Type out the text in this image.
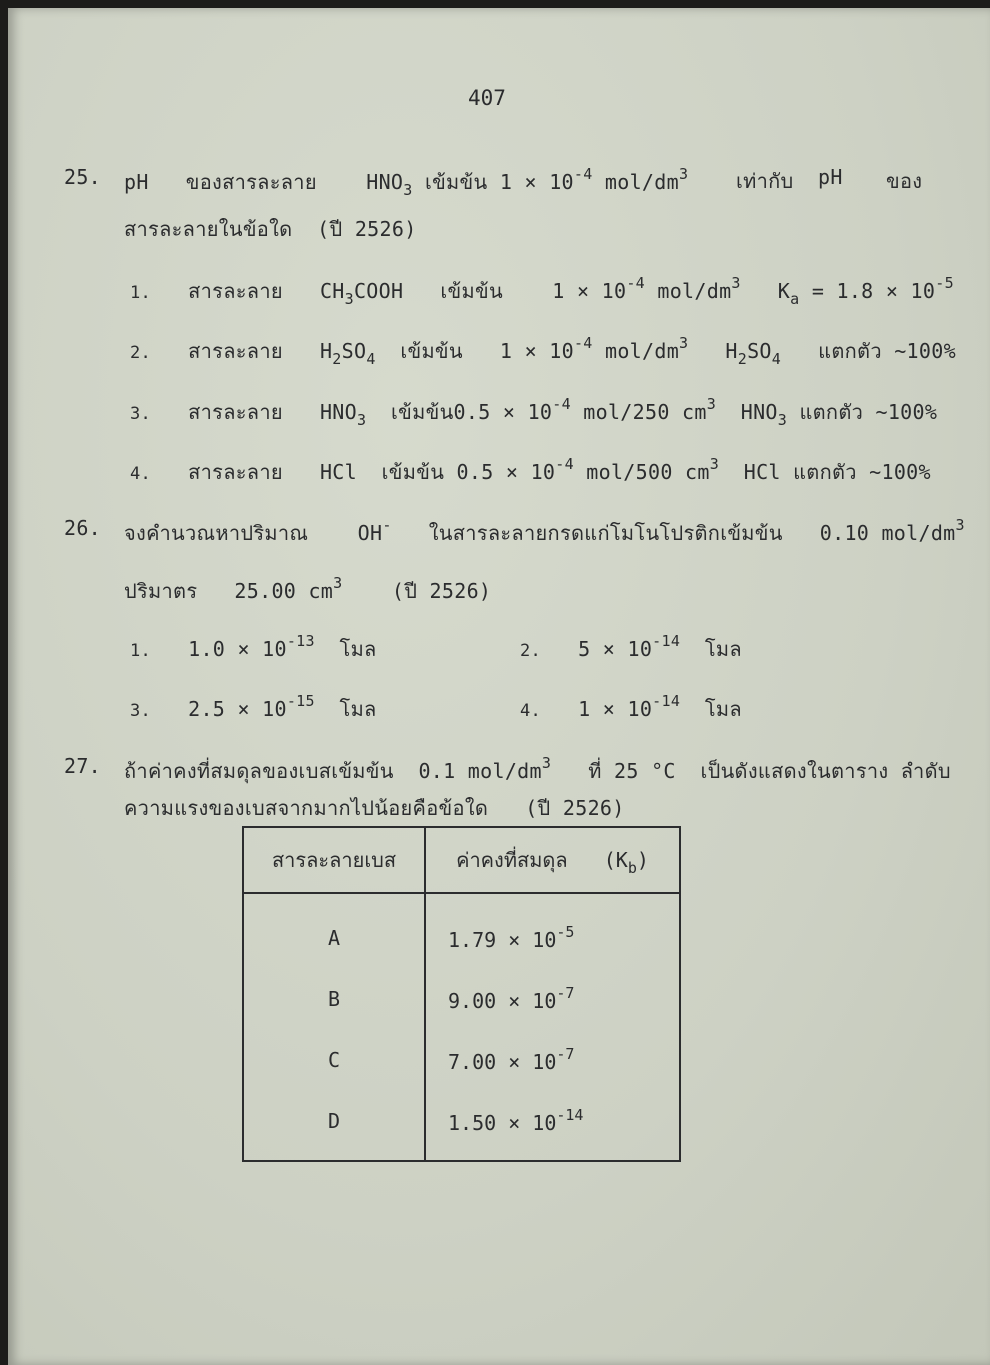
407
25. pH ของสารละลาย $HNO_3$ เข้มข้น $1 \times 10^{-4}$ mol/$dm^3$ เท่ากับ pH ของ
สารละลายในข้อใด (ปี 2526)
1. สารละลาย $CH_3COOH$ เข้มข้น $1 \times 10^{-4}$ mol/$dm^3$ $K_a = 1.8 \times 10^{-5}$
2. สารละลาย $H_2SO_4$ เข้มข้น $1 \times 10^{-4}$ mol/$dm^3$ $H_2SO_4$ แตกตัว ~100%
3. สารละลาย $HNO_3$ เข้มข้น$0.5 \times 10^{-4}$ mol/250 $cm^3$ $HNO_3$ แตกตัว ~100%
4. สารละลาย HCl เข้มข้น $0.5 \times 10^{-4}$ mol/500 $cm^3$ HCl แตกตัว ~100%
26. จงคำนวณหาปริมาณ OH- ในสารละลายกรดแก่โมโนโปรติกเข้มข้น 0.10 mol/$dm^3$
ปริมาตร 25.00 $cm^3$ (ปี 2526)
1. $1.0 \times 10^{-13}$ โมล	2. $5 \times 10^{-14}$ โมล
3. $2.5 \times 10^{-15}$ โมล	4. $1 \times 10^{-14}$ โมล
27. ถ้าค่าคงที่สมดุลของเบสเข้มข้น 0.1 mol/$dm^3$ ที่ 25 °C เป็นดังแสดงในตาราง ลำดับ
ความแรงของเบสจากมากไปน้อยคือข้อใด (ปี 2526)
สารละลายเบส	ค่าคงที่สมดุล $(K_b)$
A	$1.79 \times 10^{-5}$
B	$9.00 \times 10^{-7}$
C	$7.00 \times 10^{-7}$
D	$1.50 \times 10^{-14}$
